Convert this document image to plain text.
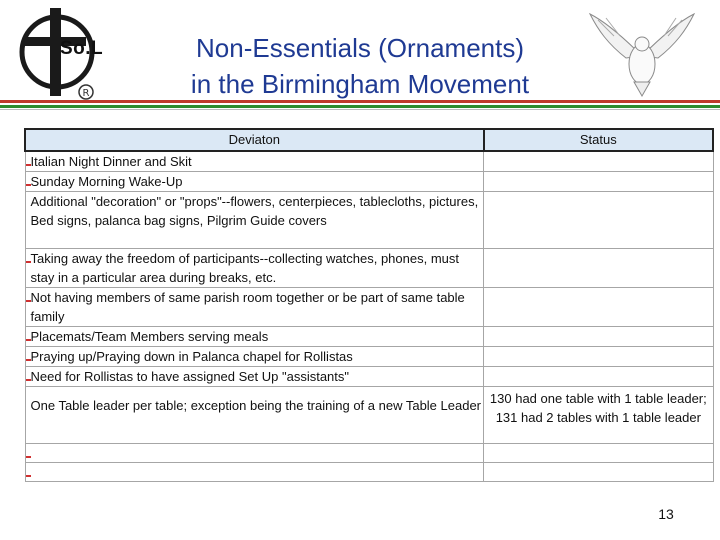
R
So.L	Non-Essentials (Ornaments)
in the Birmingham Movement
Deviaton	Status
Italian Night Dinner and Skit	
Sunday Morning Wake-Up	
Additional "decoration" or "props"--flowers, centerpieces, tablecloths, pictures, Bed signs, palanca bag signs, Pilgrim Guide covers	
Taking away the freedom of participants--collecting watches, phones, must stay in a particular area during breaks, etc.	
Not having members of same parish room together or be part of same table family	
Placemats/Team Members serving meals	
Praying up/Praying down in Palanca chapel for Rollistas	
Need for Rollistas to have assigned Set Up "assistants"	
One Table leader per table; exception being the training of a new Table Leader	130 had one table with 1 table leader; 131 had 2 tables with 1 table leader

13
